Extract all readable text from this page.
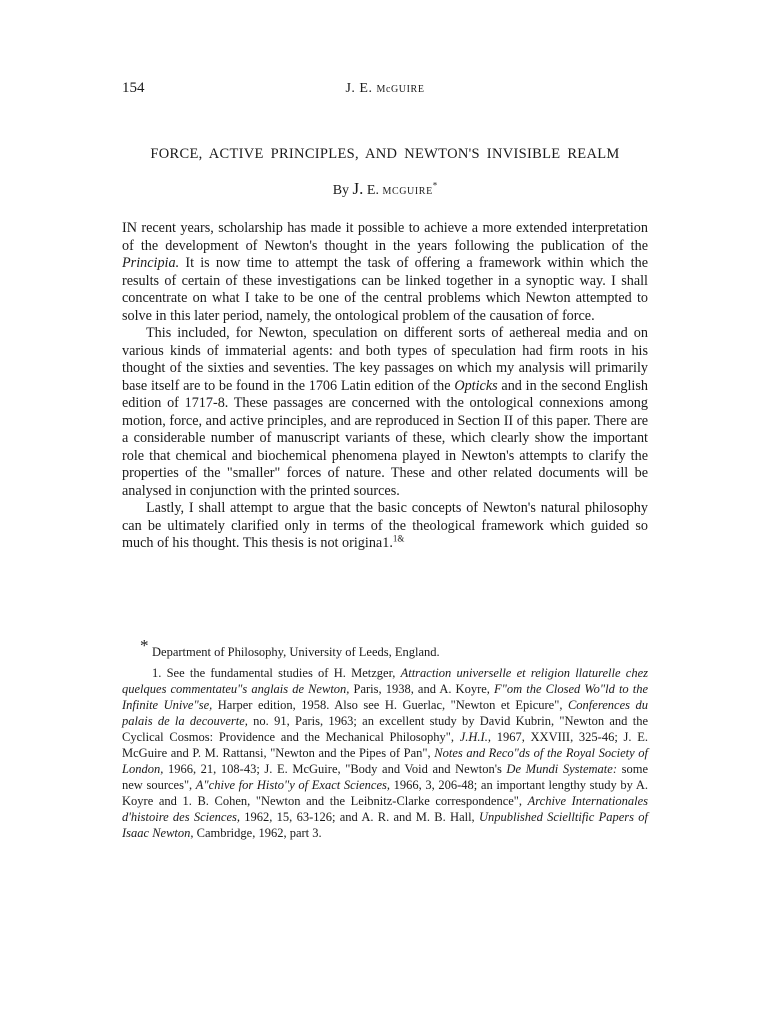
154	J. E. McGUIRE
FORCE, ACTIVE PRINCIPLES, AND NEWTON'S INVISIBLE REALM
By J. E. MCGUIRE*

IN recent years, scholarship has made it possible to achieve a more extended interpretation of the development of Newton's thought in the years following the publication of the Principia. It is now time to attempt the task of offering a framework within which the results of certain of these investigations can be linked together in a synoptic way. I shall concentrate on what I take to be one of the central problems which Newton attempted to solve in this later period, namely, the ontological problem of the causation of force.

This included, for Newton, speculation on different sorts of aethereal media and on various kinds of immaterial agents: and both types of speculation had firm roots in his thought of the sixties and seventies. The key passages on which my analysis will primarily base itself are to be found in the 1706 Latin edition of the Opticks and in the second English edition of 1717-8. These passages are concerned with the ontological connexions among motion, force, and active principles, and are reproduced in Section II of this paper. There are a considerable number of manuscript variants of these, which clearly show the important role that chemical and biochemical phenomena played in Newton's attempts to clarify the properties of the "smaller" forces of nature. These and other related documents will be analysed in conjunction with the printed sources.

Lastly, I shall attempt to argue that the basic concepts of Newton's natural philosophy can be ultimately clarified only in terms of the theological framework which guided so much of his thought. This thesis is not origina1.$^{1\&}$

* Department of Philosophy, University of Leeds, England.
1. See the fundamental studies of H. Metzger, Attraction universelle et religion llaturelle chez quelques commentateu"s anglais de Newton, Paris, 1938, and A. Koyre, F"om the Closed Wo"ld to the Infinite Unive"se, Harper edition, 1958. Also see H. Guerlac, "Newton et Epicure", Conferences du palais de la decouverte, no. 91, Paris, 1963; an excellent study by David Kubrin, "Newton and the Cyclical Cosmos: Providence and the Mechanical Philosophy", J.H.I., 1967, XXVIII, 325-46; J. E. McGuire and P. M. Rattansi, "Newton and the Pipes of Pan", Notes and Reco"ds of the Royal Society of London, 1966, 21, 108-43; J. E. McGuire, "Body and Void and Newton's De Mundi Systemate: some new sources", A"chive for Histo"y of Exact Sciences, 1966, 3, 206-48; an important lengthy study by A. Koyre and 1. B. Cohen, "Newton and the Leibnitz-Clarke correspondence", Archive Internationales d'histoire des Sciences, 1962, 15, 63-126; and A. R. and M. B. Hall, Unpublished Scielltific Papers of Isaac Newton, Cambridge, 1962, part 3.
